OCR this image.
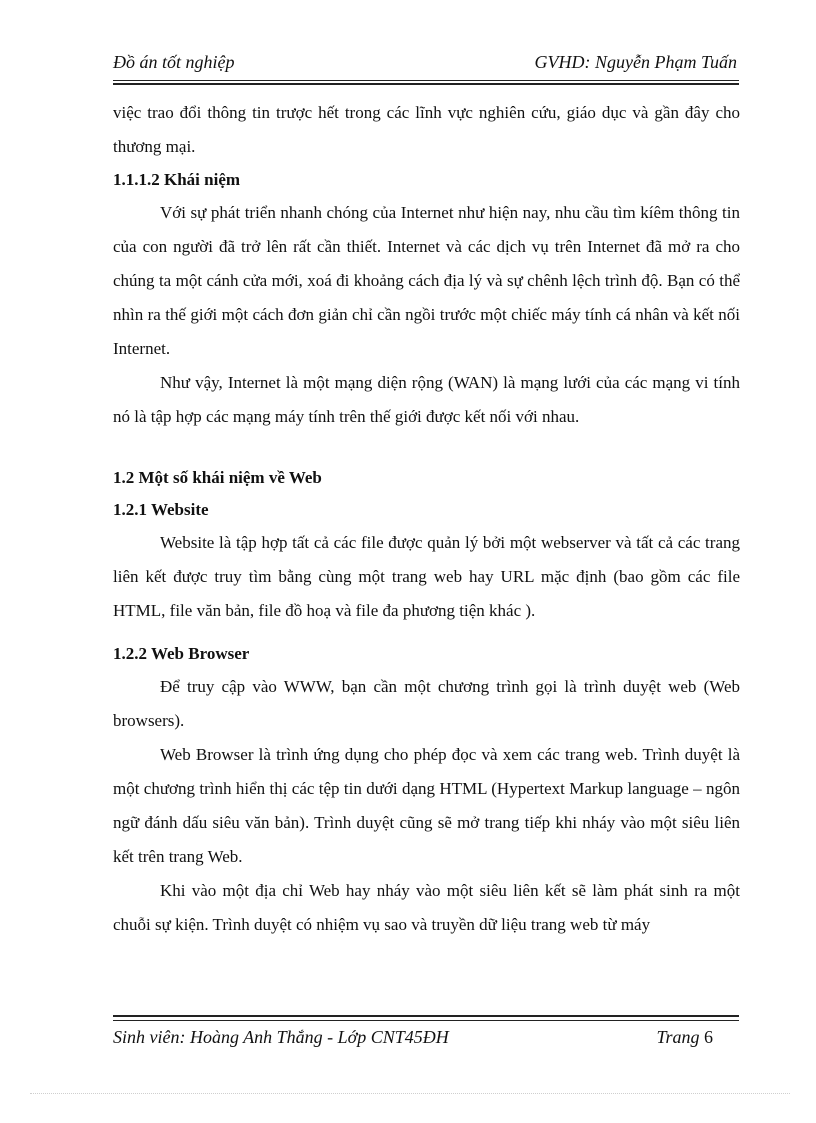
Đồ án tốt nghiệp	GVHD: Nguyễn Phạm Tuấn

việc trao đổi thông tin trược hết trong các lĩnh vực nghiên cứu, giáo dục và gần đây cho thương mại.

1.1.1.2 Khái niệm

Với sự phát triển nhanh chóng của Internet như hiện nay, nhu cầu tìm kíêm thông tin của con người đã trở lên rất cần thiết. Internet và các dịch vụ trên Internet đã mở ra cho chúng ta một cánh cửa mới, xoá đi khoảng cách địa lý và sự chênh lệch trình độ. Bạn có thể nhìn ra thế giới một cách đơn giản chỉ cần ngồi trước một chiếc máy tính cá nhân và kết nối Internet.

Như vậy, Internet là một mạng diện rộng (WAN) là mạng lưới của các mạng vi tính nó là tập hợp các mạng máy tính trên thế giới được kết nối với nhau.

1.2 Một số khái niệm về Web
1.2.1 Website

Website là tập hợp tất cả các file được quản lý bởi một webserver và tất cả các trang liên kết được truy tìm bằng cùng một trang web hay URL mặc định (bao gồm các file HTML, file văn bản, file đồ hoạ và file đa phương tiện khác ).

1.2.2 Web Browser

Để truy cập vào WWW, bạn cần một chương trình gọi là trình duyệt web (Web browsers).

Web Browser là trình ứng dụng cho phép đọc và xem các trang web. Trình duyệt là một chương trình hiển thị các tệp tin dưới dạng HTML (Hypertext Markup language – ngôn ngữ đánh dấu siêu văn bản). Trình duyệt cũng sẽ mở trang tiếp khi nháy vào một siêu liên kết trên trang Web.

Khi vào một địa chỉ Web hay nháy vào một siêu liên kết sẽ làm phát sinh ra một chuỗi sự kiện. Trình duyệt có nhiệm vụ sao và truyền dữ liệu trang web từ máy

Sinh viên: Hoàng Anh Thắng - Lớp CNT45ĐH	Trang 6
